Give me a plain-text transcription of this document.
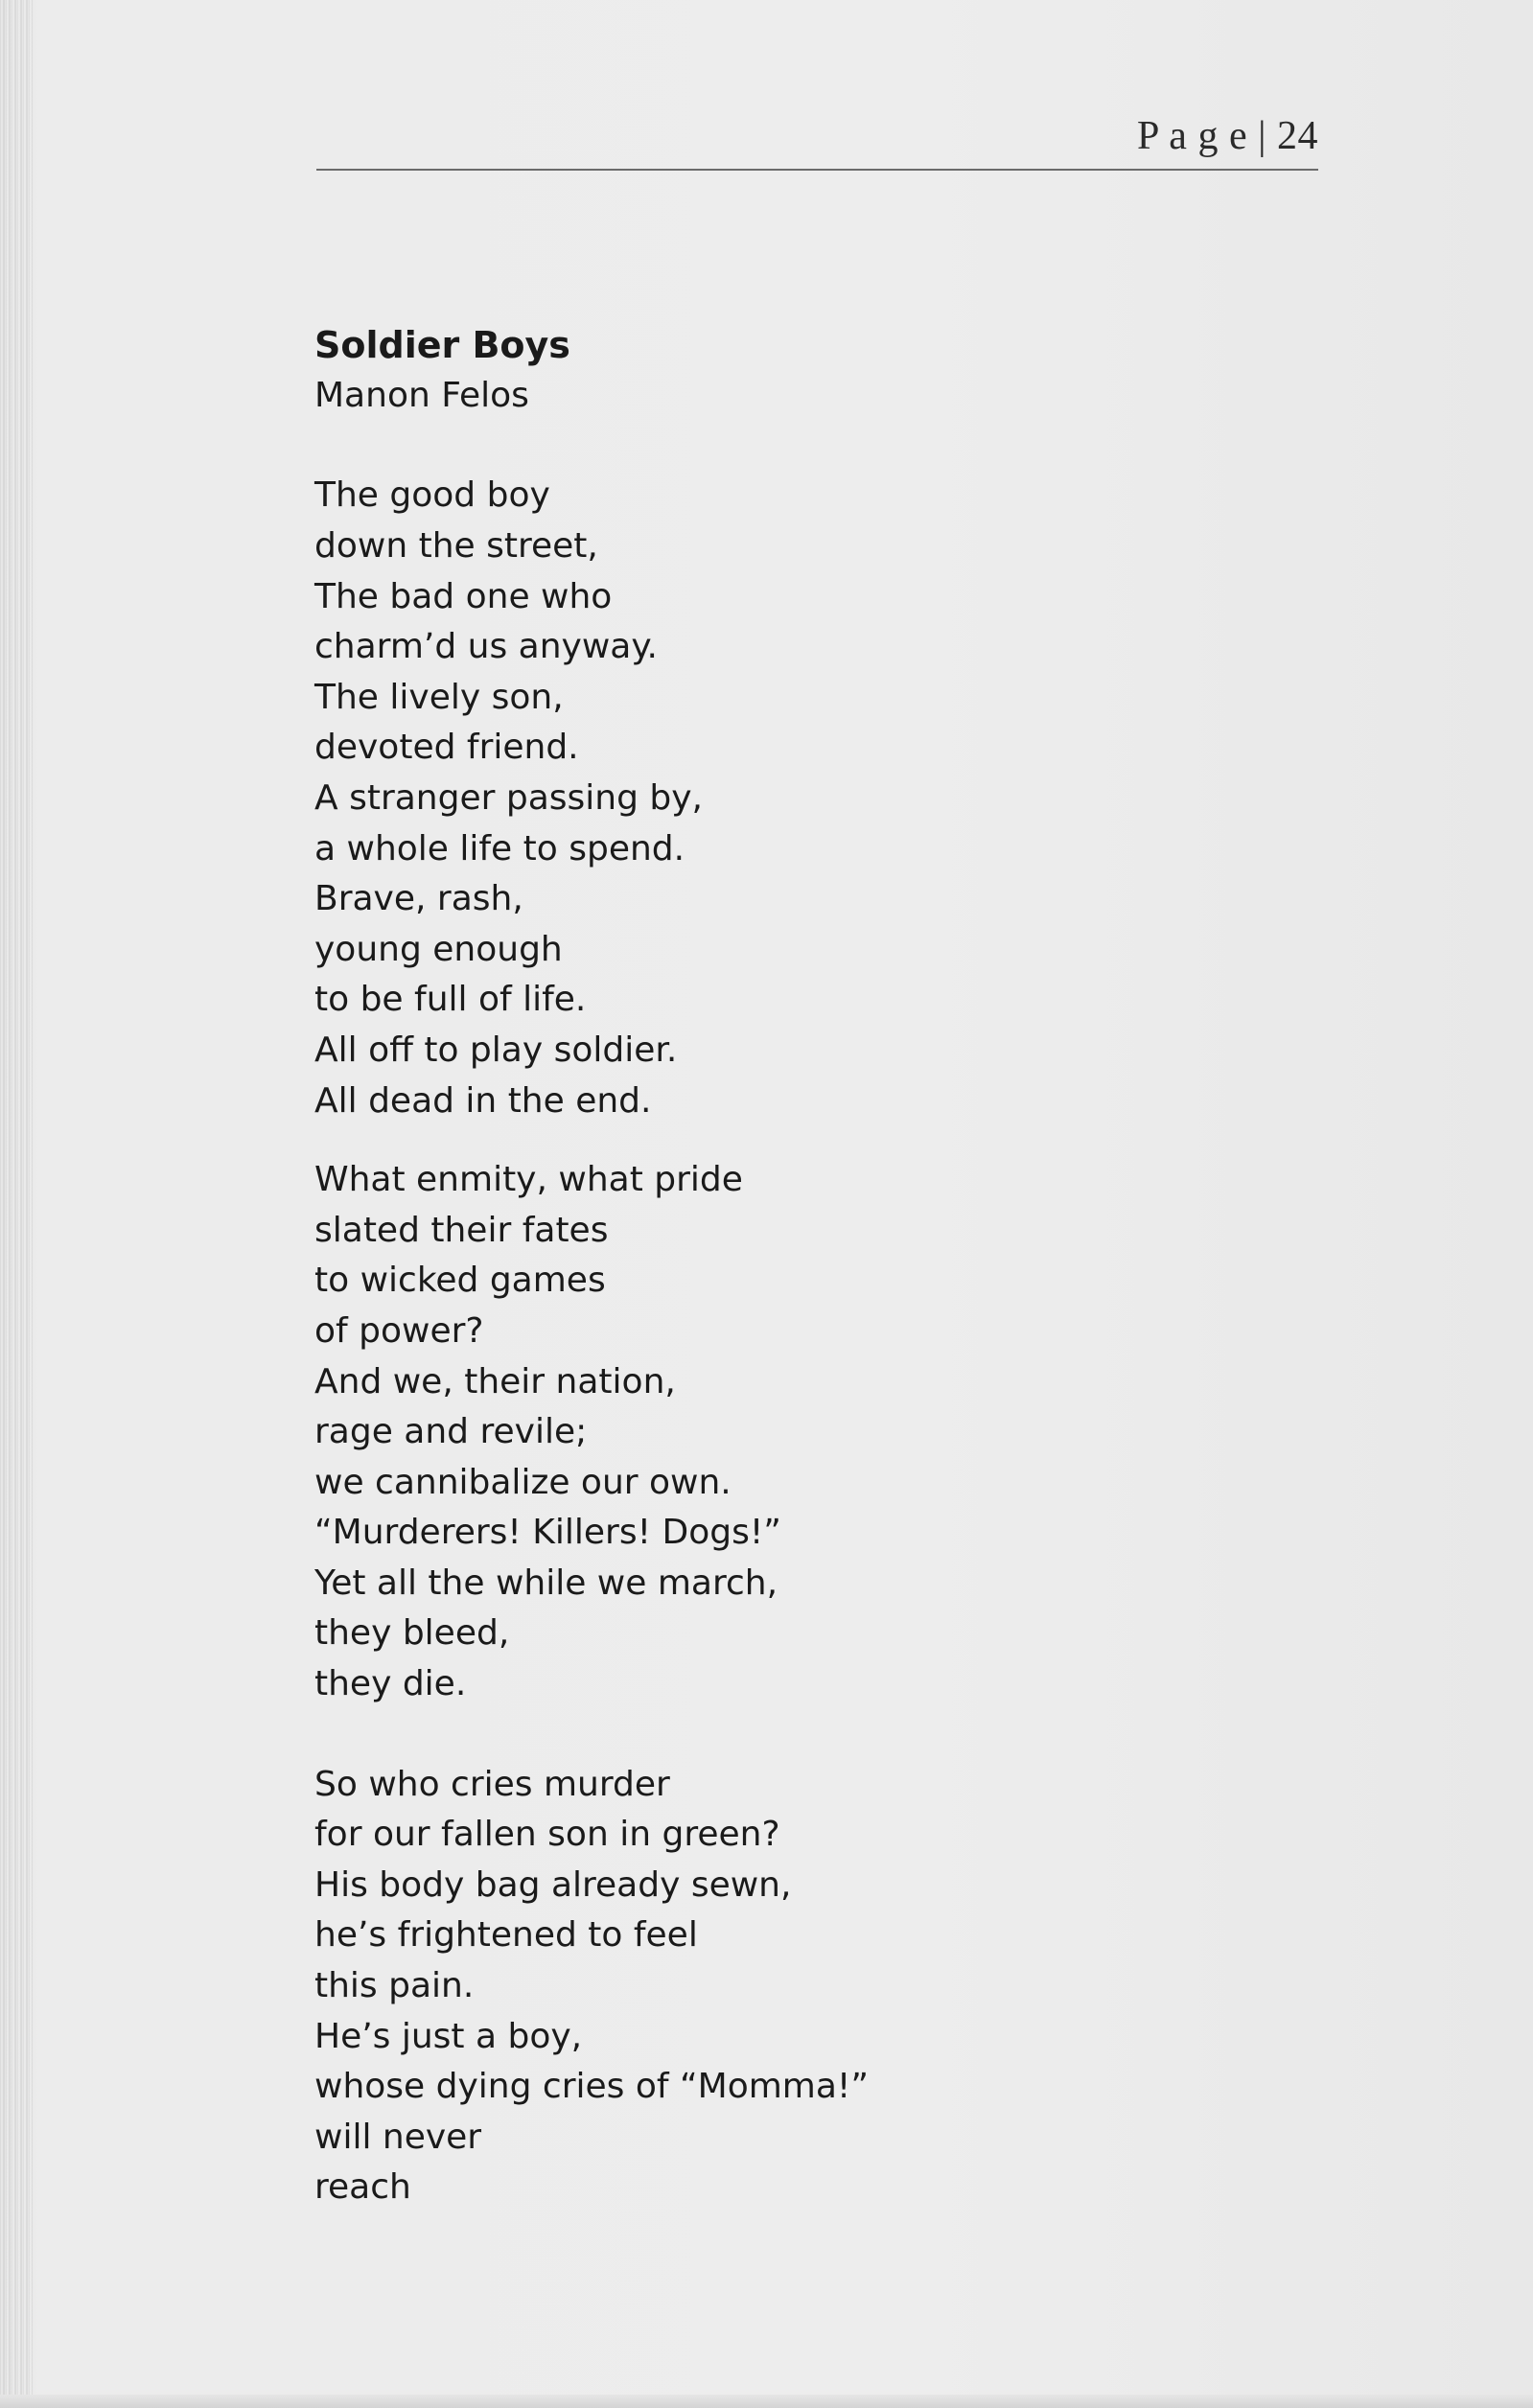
P a g e | 24
Soldier Boys
Manon Felos
The good boy
down the street,
The bad one who
charm’d us anyway.
The lively son,
devoted friend.
A stranger passing by,
a whole life to spend.
Brave, rash,
young enough
to be full of life.
All off to play soldier.
All dead in the end.
What enmity, what pride
slated their fates
to wicked games
of power?
And we, their nation,
rage and revile;
we cannibalize our own.
“Murderers! Killers! Dogs!”
Yet all the while we march,
they bleed,
they die.
So who cries murder
for our fallen son in green?
His body bag already sewn,
he’s frightened to feel
this pain.
He’s just a boy,
whose dying cries of “Momma!”
will never
reach
